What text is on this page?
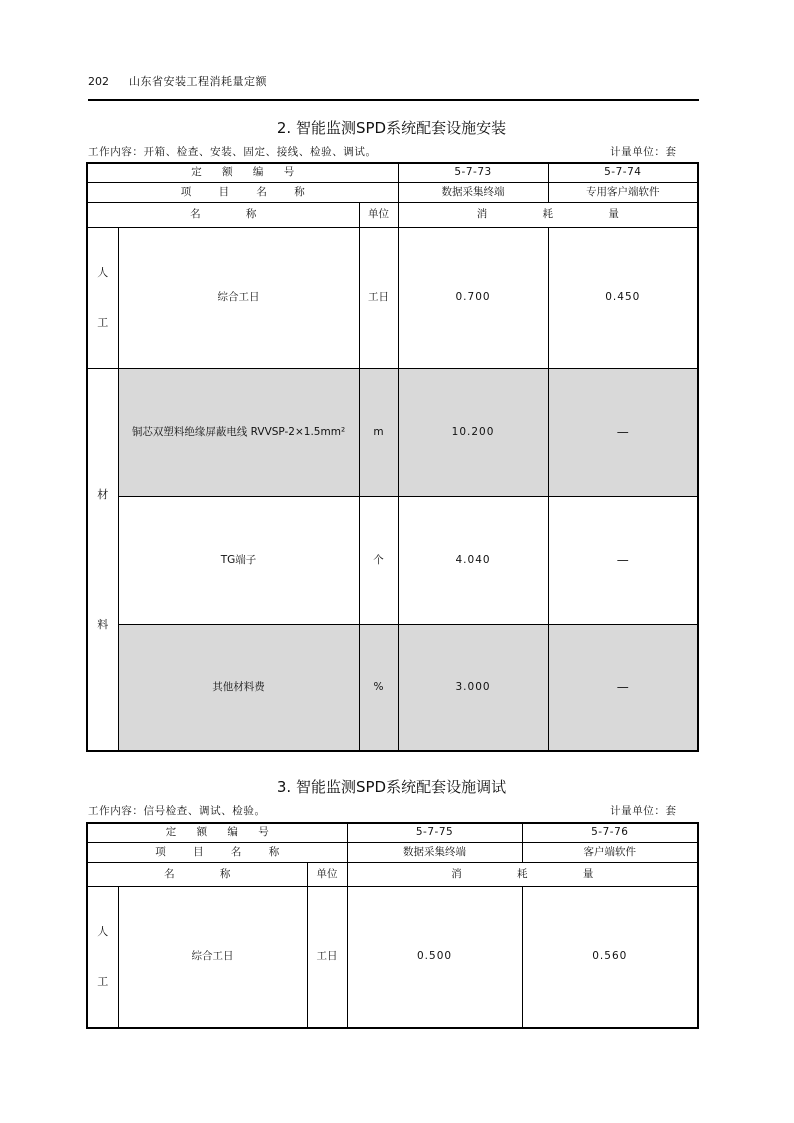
202 山东省安装工程消耗量定额
2. 智能监测SPD系统配套设施安装
工作内容：开箱、检查、安装、固定、接线、检验、调试。	计量单位：套
定 额 编 号			5-7-73	5-7-74
项 目 名 称			数据采集终端	专用客户端软件
名 称		单位	消 耗 量	

人
工	综合工日	工日	0.700	0.450

材
料	铜芯双塑料绝缘屏蔽电线 RVVSP-2×1.5mm²	m	10.200	—
	TG端子	个	4.040	—
	其他材料费	%	3.000	—
3. 智能监测SPD系统配套设施调试
工作内容：信号检查、调试、检验。	计量单位：套
定 额 编 号			5-7-75	5-7-76
项 目 名 称			数据采集终端	客户端软件
名 称		单位	消 耗 量	

人
工	综合工日	工日	0.500	0.560
